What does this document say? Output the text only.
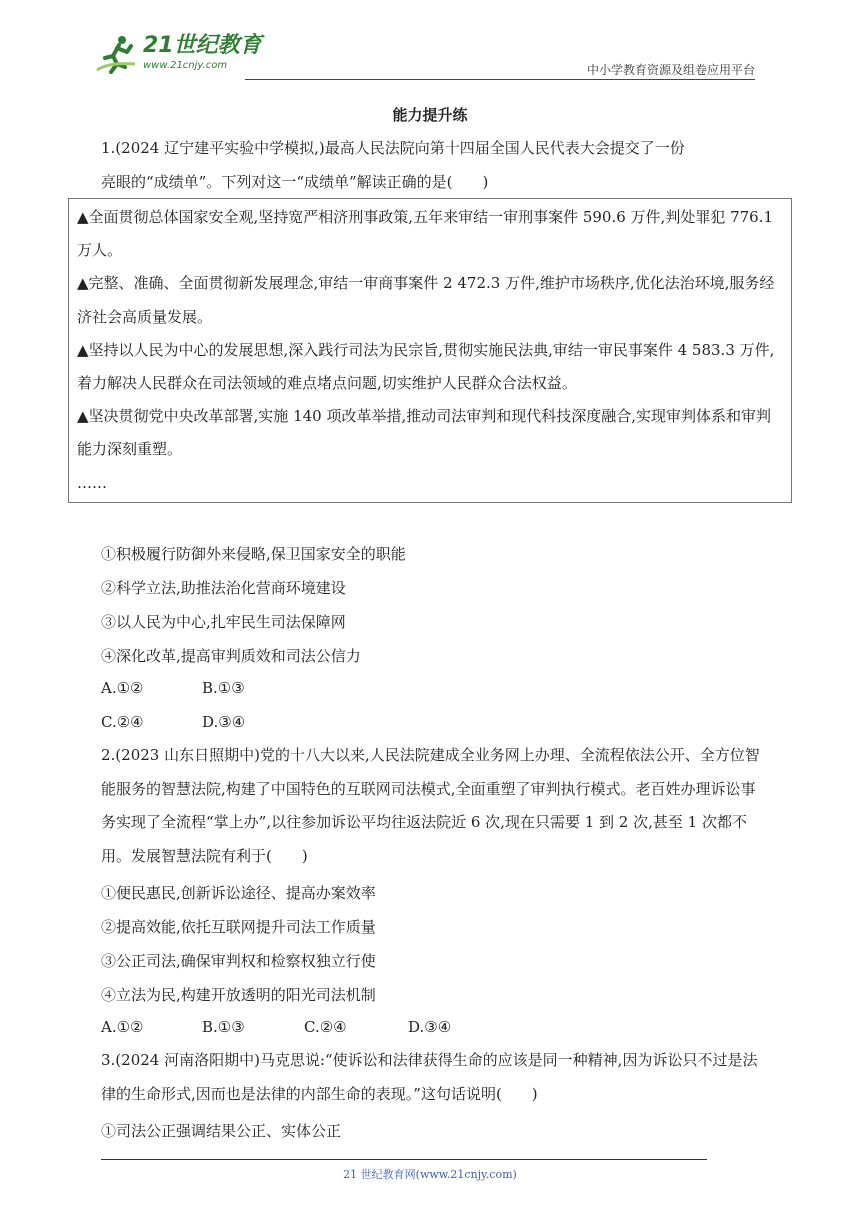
21世纪教育
www.21cnjy.com	中小学教育资源及组卷应用平台
能力提升练
1.(2024 辽宁建平实验中学模拟,)最高人民法院向第十四届全国人民代表大会提交了一份
亮眼的“成绩单”。下列对这一“成绩单”解读正确的是(　　)

▲全面贯彻总体国家安全观,坚持宽严相济刑事政策,五年来审结一审刑事案件 590.6 万件,判处罪犯 776.1 万人。

▲完整、准确、全面贯彻新发展理念,审结一审商事案件 2 472.3 万件,维护市场秩序,优化法治环境,服务经济社会高质量发展。

▲坚持以人民为中心的发展思想,深入践行司法为民宗旨,贯彻实施民法典,审结一审民事案件 4 583.3 万件,着力解决人民群众在司法领域的难点堵点问题,切实维护人民群众合法权益。

▲坚决贯彻党中央改革部署,实施 140 项改革举措,推动司法审判和现代科技深度融合,实现审判体系和审判能力深刻重塑。

……

①积极履行防御外来侵略,保卫国家安全的职能
②科学立法,助推法治化营商环境建设
③以人民为中心,扎牢民生司法保障网
④深化改革,提高审判质效和司法公信力
A.①②	B.①③
C.②④	D.③④
2.(2023 山东日照期中)党的十八大以来,人民法院建成全业务网上办理、全流程依法公开、全方位智能服务的智慧法院,构建了中国特色的互联网司法模式,全面重塑了审判执行模式。老百姓办理诉讼事务实现了全流程“掌上办”,以往参加诉讼平均往返法院近 6 次,现在只需要 1 到 2 次,甚至 1 次都不用。发展智慧法院有利于(　　)
①便民惠民,创新诉讼途径、提高办案效率
②提高效能,依托互联网提升司法工作质量
③公正司法,确保审判权和检察权独立行使
④立法为民,构建开放透明的阳光司法机制
A.①②	B.①③	C.②④	D.③④
3.(2024 河南洛阳期中)马克思说:“使诉讼和法律获得生命的应该是同一种精神,因为诉讼只不过是法律的生命形式,因而也是法律的内部生命的表现。”这句话说明(　　)
①司法公正强调结果公正、实体公正
21 世纪教育网(www.21cnjy.com)
